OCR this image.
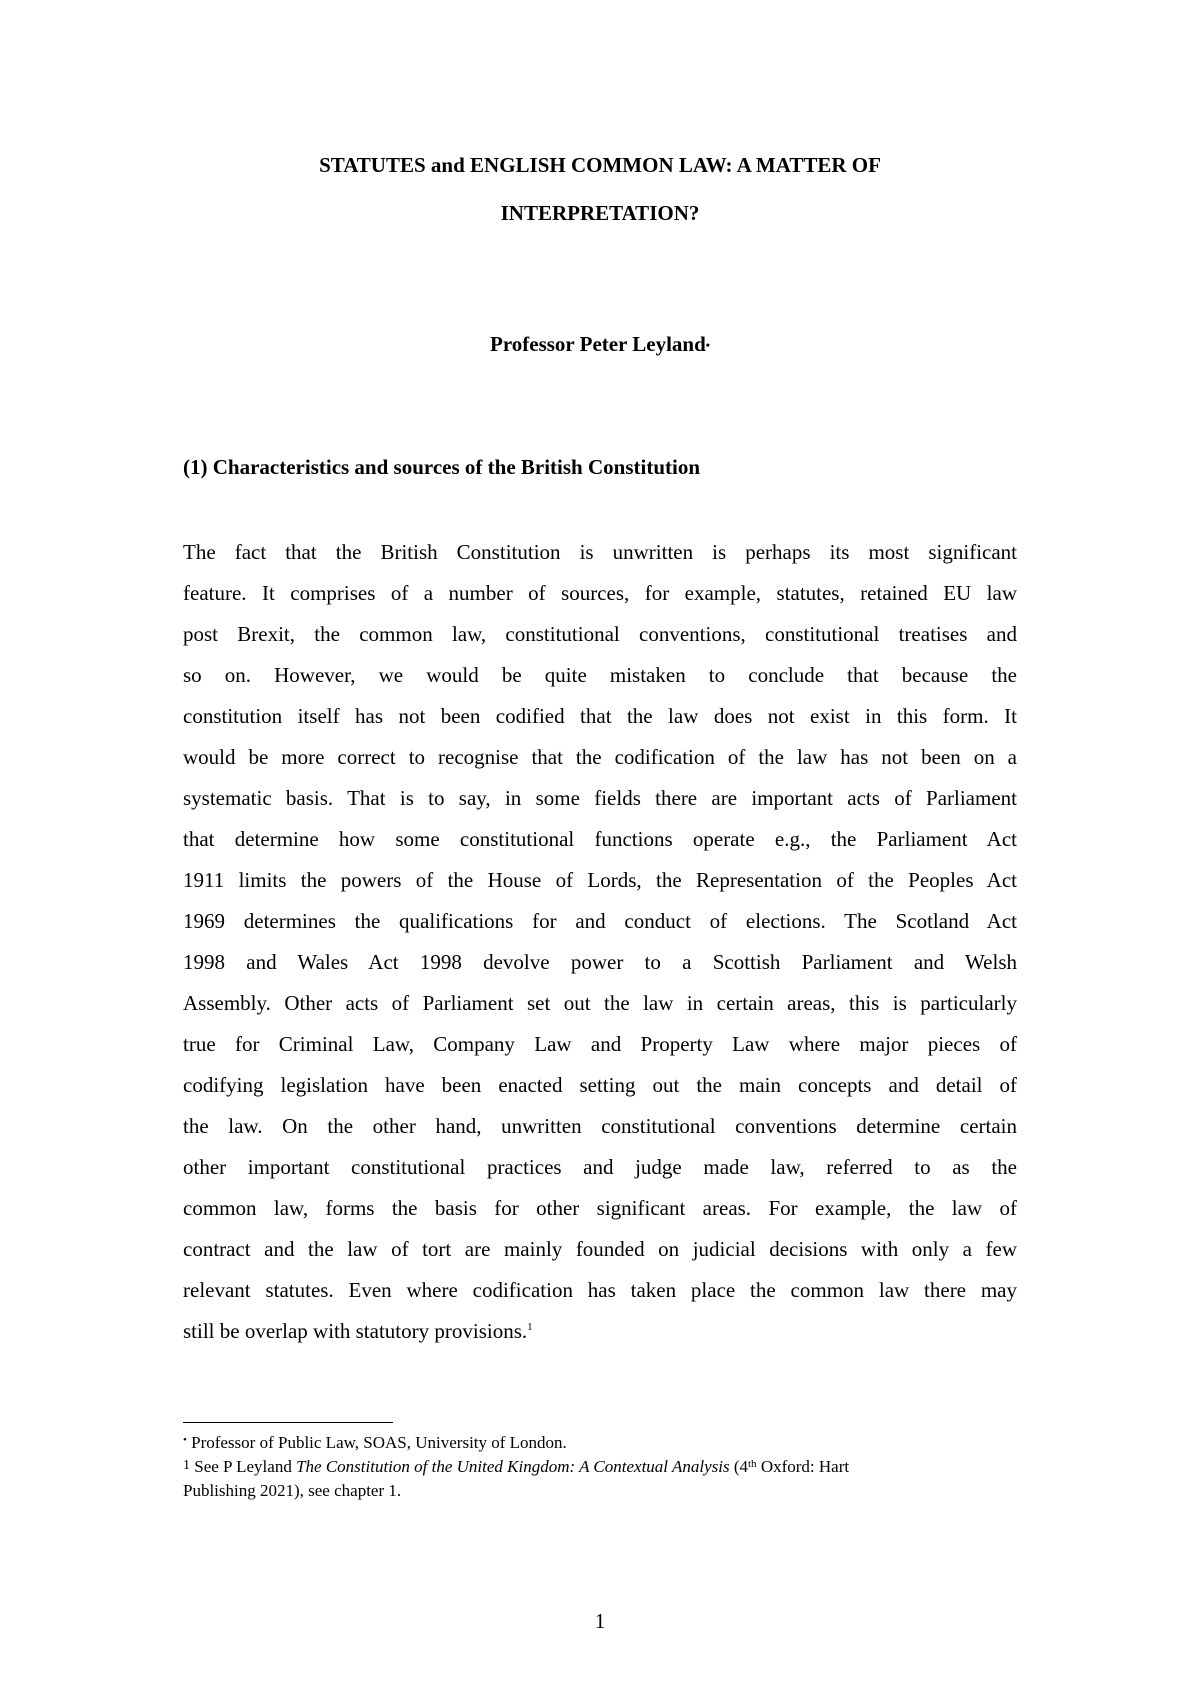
STATUTES and ENGLISH COMMON LAW: A MATTER OF
INTERPRETATION?
Professor Peter Leyland•
(1) Characteristics and sources of the British Constitution
The fact that the British Constitution is unwritten is perhaps its most significant
feature. It comprises of a number of sources, for example, statutes, retained EU law
post Brexit, the common law, constitutional conventions, constitutional treatises and
so on. However, we would be quite mistaken to conclude that because the
constitution itself has not been codified that the law does not exist in this form. It
would be more correct to recognise that the codification of the law has not been on a
systematic basis. That is to say, in some fields there are important acts of Parliament
that determine how some constitutional functions operate e.g., the Parliament Act
1911 limits the powers of the House of Lords, the Representation of the Peoples Act
1969 determines the qualifications for and conduct of elections. The Scotland Act
1998 and Wales Act 1998 devolve power to a Scottish Parliament and Welsh
Assembly. Other acts of Parliament set out the law in certain areas, this is particularly
true for Criminal Law, Company Law and Property Law where major pieces of
codifying legislation have been enacted setting out the main concepts and detail of
the law. On the other hand, unwritten constitutional conventions determine certain
other important constitutional practices and judge made law, referred to as the
common law, forms the basis for other significant areas. For example, the law of
contract and the law of tort are mainly founded on judicial decisions with only a few
relevant statutes. Even where codification has taken place the common law there may
still be overlap with statutory provisions.$^1$
• Professor of Public Law, SOAS, University of London.
1 See P Leyland The Constitution of the United Kingdom: A Contextual Analysis (4th Oxford: Hart
Publishing 2021), see chapter 1.
1
